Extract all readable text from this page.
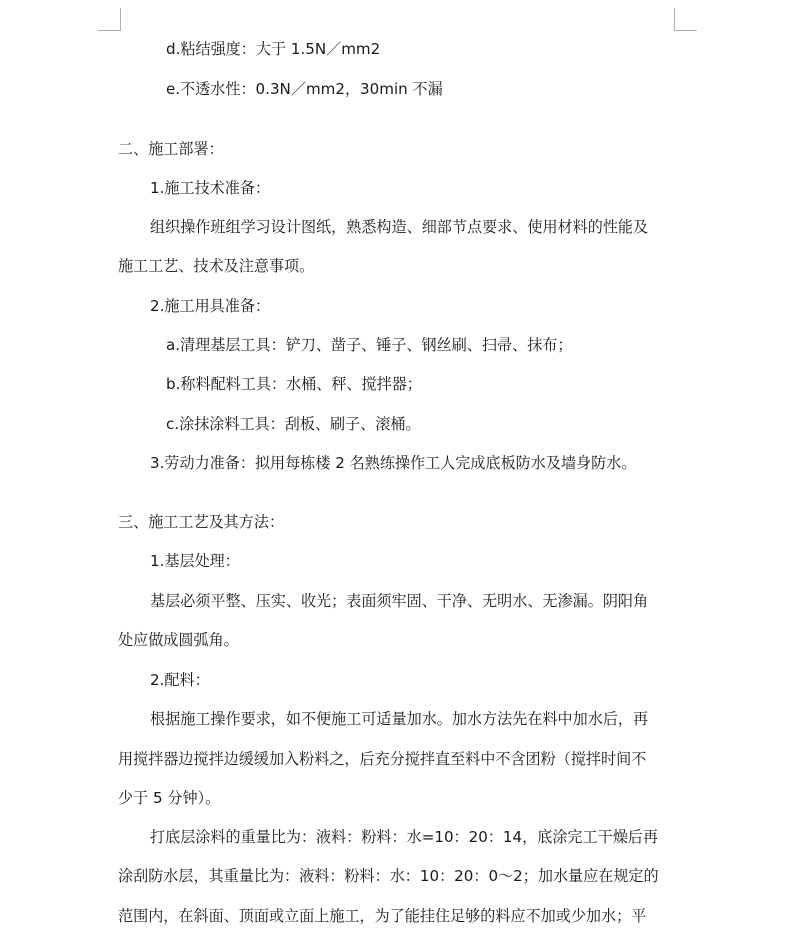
d.粘结强度：大于 1.5N／mm2
e.不透水性：0.3N／mm2，30min 不漏
二、施工部署：
1.施工技术准备：
组织操作班组学习设计图纸，熟悉构造、细部节点要求、使用材料的性能及
施工工艺、技术及注意事项。
2.施工用具准备：
a.清理基层工具：铲刀、凿子、锤子、钢丝刷、扫帚、抹布；
b.称料配料工具：水桶、秤、搅拌器；
c.涂抹涂料工具：刮板、刷子、滚桶。
3.劳动力准备：拟用每栋楼 2 名熟练操作工人完成底板防水及墙身防水。
三、施工工艺及其方法：
1.基层处理：
基层必须平整、压实、收光；表面须牢固、干净、无明水、无渗漏。阴阳角
处应做成圆弧角。
2.配料：
根据施工操作要求，如不便施工可适量加水。加水方法先在料中加水后，再
用搅拌器边搅拌边缓缓加入粉料之，后充分搅拌直至料中不含团粉（搅拌时间不
少于 5 分钟）。
打底层涂料的重量比为：液料：粉料：水=10：20：14，底涂完工干燥后再
涂刮防水层，其重量比为：液料：粉料：水：10：20：0～2；加水量应在规定的
范围内，在斜面、顶面或立面上施工，为了能挂住足够的料应不加或少加水；平
